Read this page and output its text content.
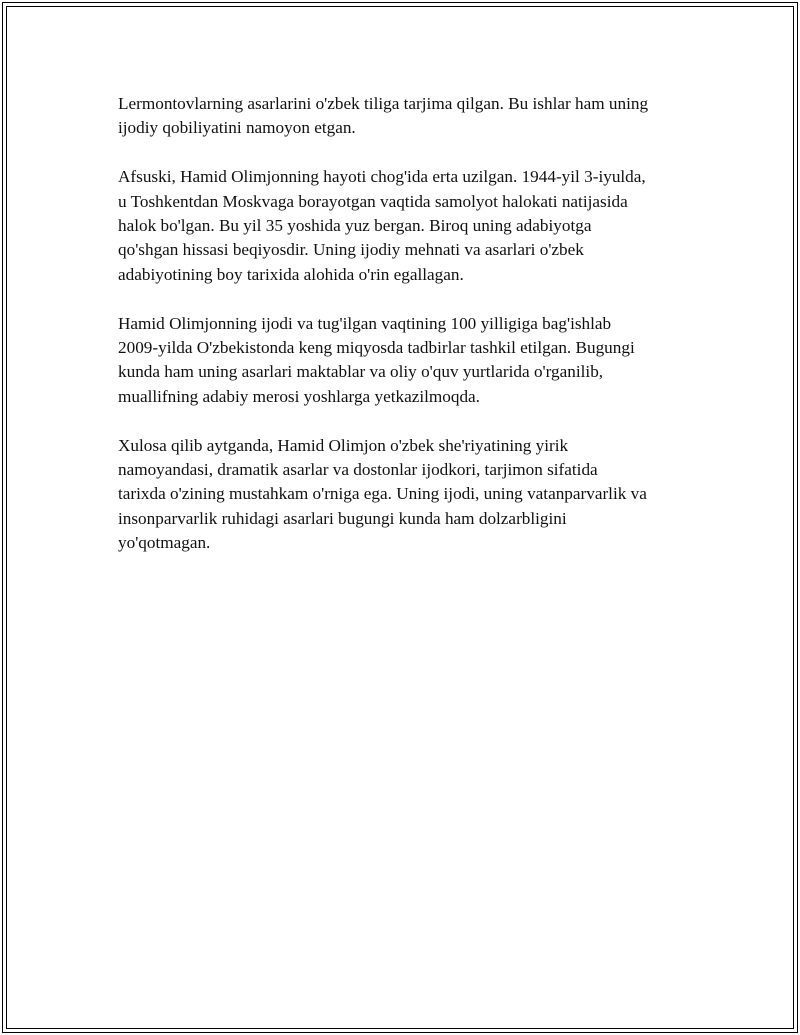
Lermontovlarning asarlarini o'zbek tiliga tarjima qilgan. Bu ishlar ham uning
ijodiy qobiliyatini namoyon etgan.

Afsuski, Hamid Olimjonning hayoti chog'ida erta uzilgan. 1944-yil 3-iyulda,
u Toshkentdan Moskvaga borayotgan vaqtida samolyot halokati natijasida
halok bo'lgan. Bu yil 35 yoshida yuz bergan. Biroq uning adabiyotga
qo'shgan hissasi beqiyosdir. Uning ijodiy mehnati va asarlari o'zbek
adabiyotining boy tarixida alohida o'rin egallagan.

Hamid Olimjonning ijodi va tug'ilgan vaqtining 100 yilligiga bag'ishlab
2009-yilda O'zbekistonda keng miqyosda tadbirlar tashkil etilgan. Bugungi
kunda ham uning asarlari maktablar va oliy o'quv yurtlarida o'rganilib,
muallifning adabiy merosi yoshlarga yetkazilmoqda.

Xulosa qilib aytganda, Hamid Olimjon o'zbek she'riyatining yirik
namoyandasi, dramatik asarlar va dostonlar ijodkori, tarjimon sifatida
tarixda o'zining mustahkam o'rniga ega. Uning ijodi, uning vatanparvarlik va
insonparvarlik ruhidagi asarlari bugungi kunda ham dolzarbligini
yo'qotmagan.
